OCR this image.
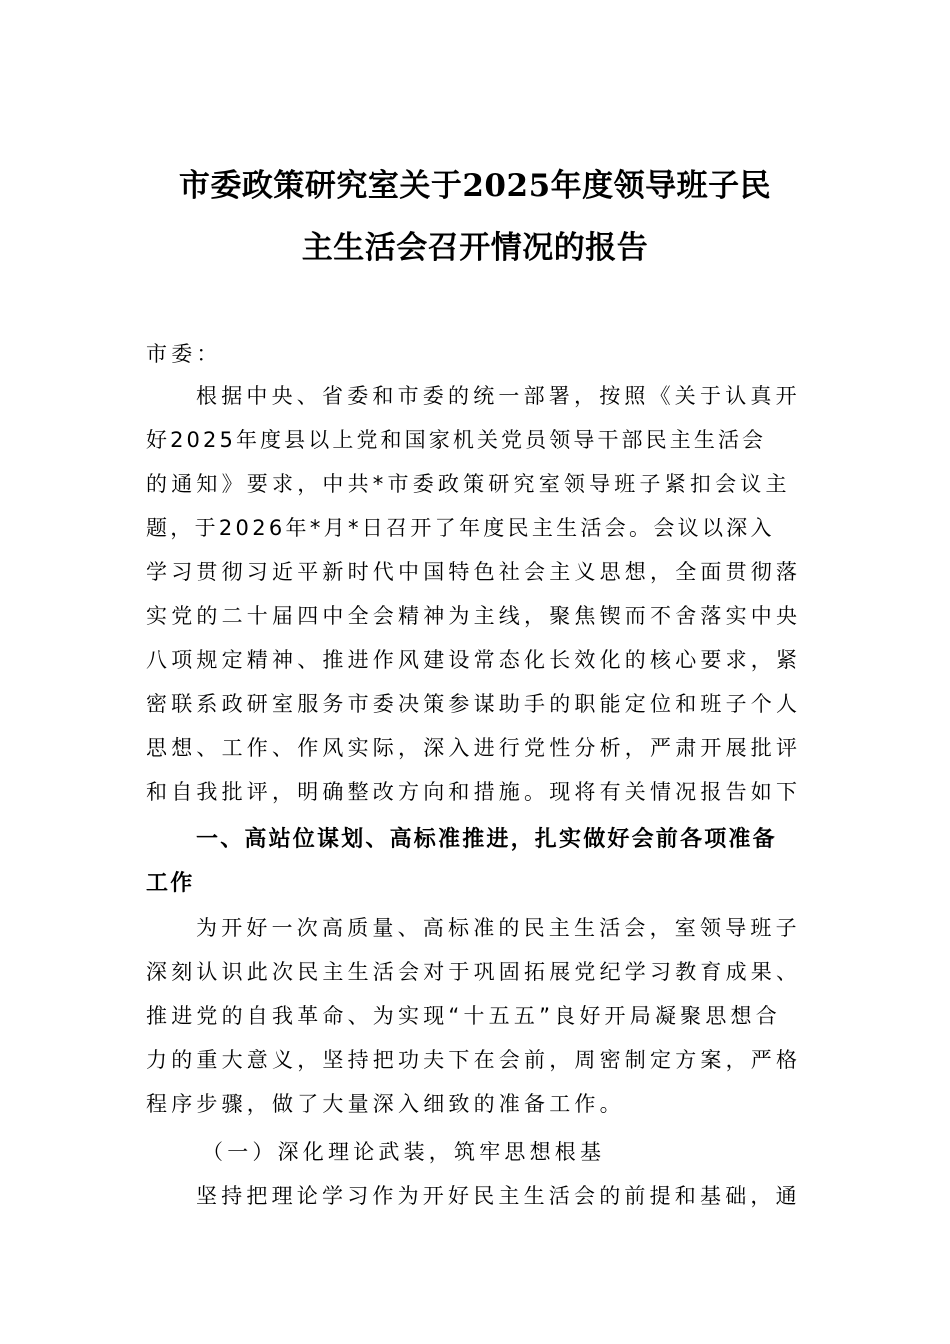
市委政策研究室关于2025年度领导班子民
主生活会召开情况的报告
市委：
根据中央、省委和市委的统一部署，按照《关于认真开
好2025年度县以上党和国家机关党员领导干部民主生活会
的通知》要求，中共*市委政策研究室领导班子紧扣会议主
题，于2026年*月*日召开了年度民主生活会。会议以深入
学习贯彻习近平新时代中国特色社会主义思想，全面贯彻落
实党的二十届四中全会精神为主线，聚焦锲而不舍落实中央
八项规定精神、推进作风建设常态化长效化的核心要求，紧
密联系政研室服务市委决策参谋助手的职能定位和班子个人
思想、工作、作风实际，深入进行党性分析，严肃开展批评
和自我批评，明确整改方向和措施。现将有关情况报告如下
一、高站位谋划、高标准推进，扎实做好会前各项准备
工作
为开好一次高质量、高标准的民主生活会，室领导班子
深刻认识此次民主生活会对于巩固拓展党纪学习教育成果、
推进党的自我革命、为实现“十五五”良好开局凝聚思想合
力的重大意义，坚持把功夫下在会前，周密制定方案，严格
程序步骤，做了大量深入细致的准备工作。
（一）深化理论武装，筑牢思想根基
坚持把理论学习作为开好民主生活会的前提和基础，通
